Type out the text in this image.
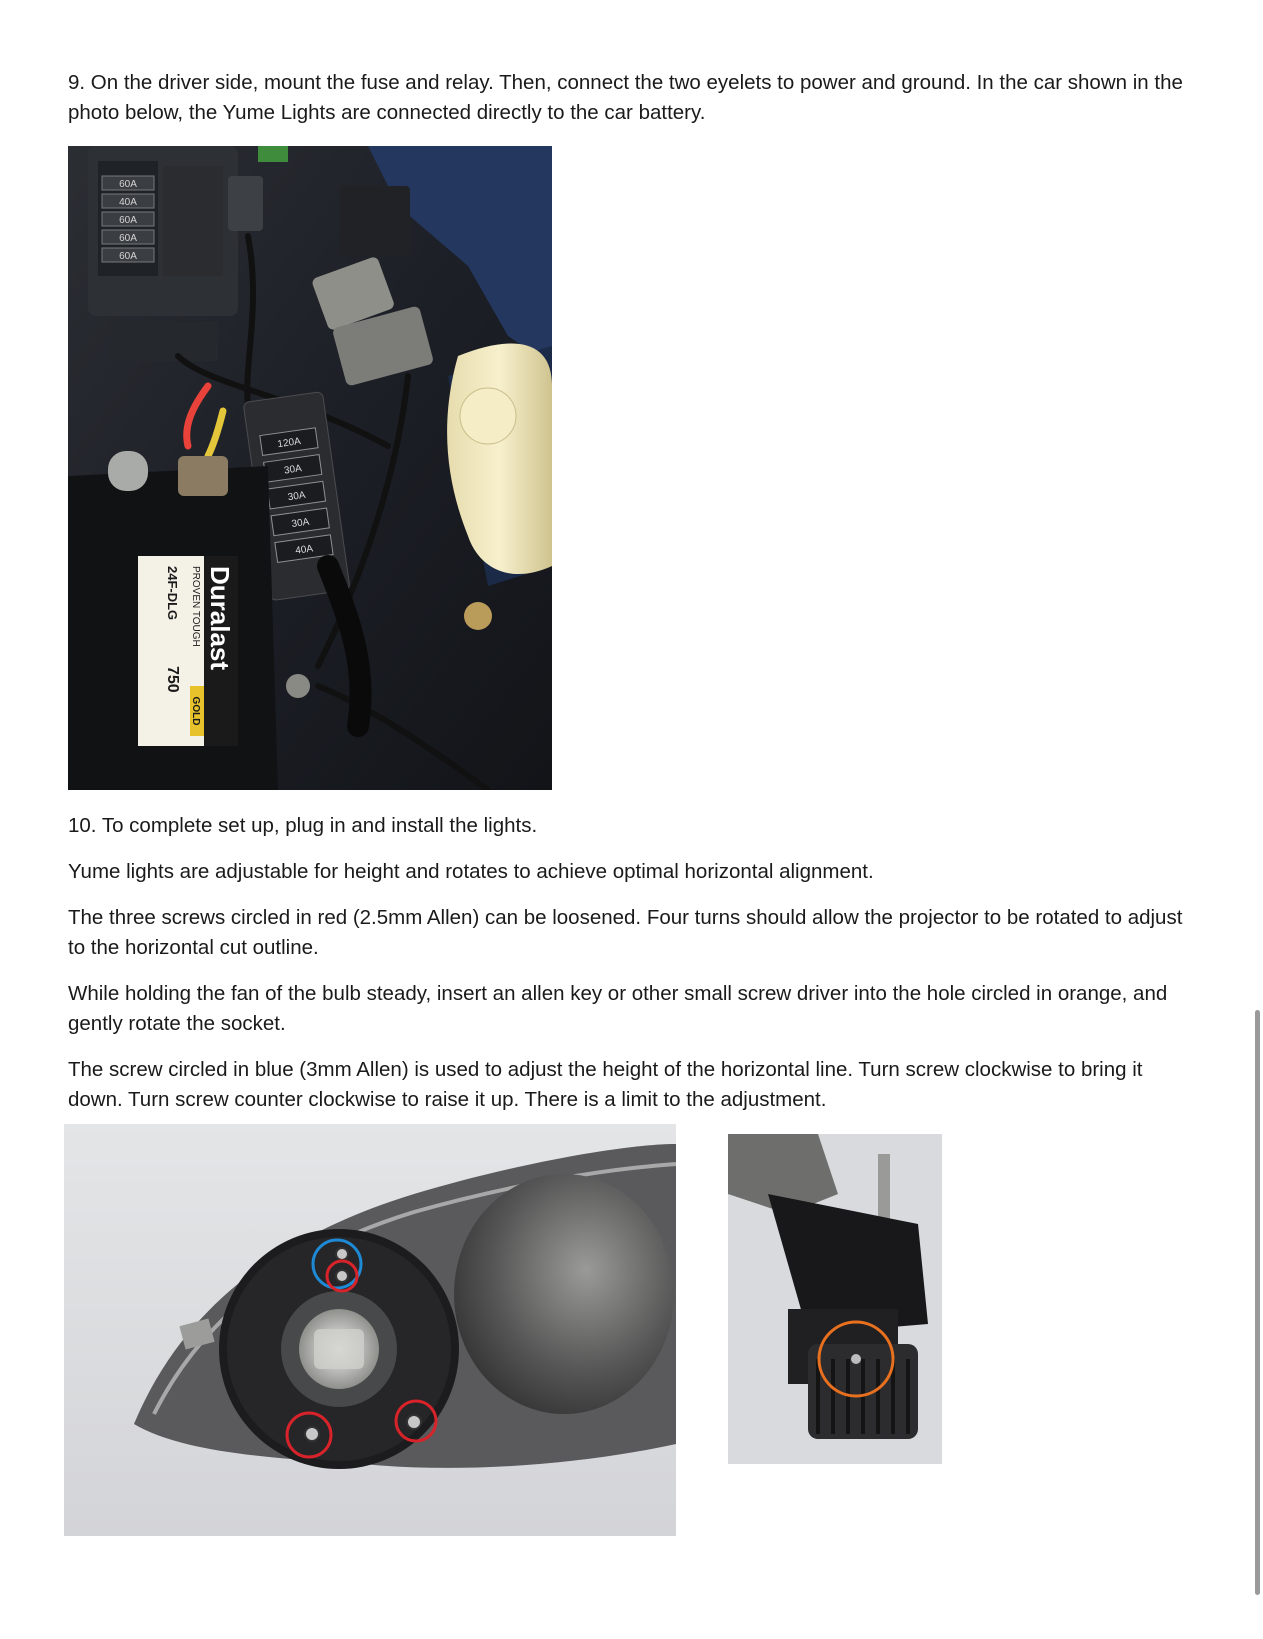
9. On the driver side, mount the fuse and relay. Then, connect the two eyelets to power and ground. In the car shown in the photo below, the Yume Lights are connected directly to the car battery.

60A
40A
60A
60A
60A
120A
30A
30A
30A
40A
Duralast
GOLD
PROVEN TOUGH
24F-DLG
750

10. To complete set up, plug in and install the lights.

Yume lights are adjustable for height and rotates to achieve optimal horizontal alignment.

The three screws circled in red (2.5mm Allen) can be loosened. Four turns should allow the projector to be rotated to adjust to the horizontal cut outline.

While holding the fan of the bulb steady, insert an allen key or other small screw driver into the hole circled in orange, and gently rotate the socket.

The screw circled in blue (3mm Allen) is used to adjust the height of the horizontal line. Turn screw clockwise to bring it down. Turn screw counter clockwise to raise it up. There is a limit to the adjustment.
